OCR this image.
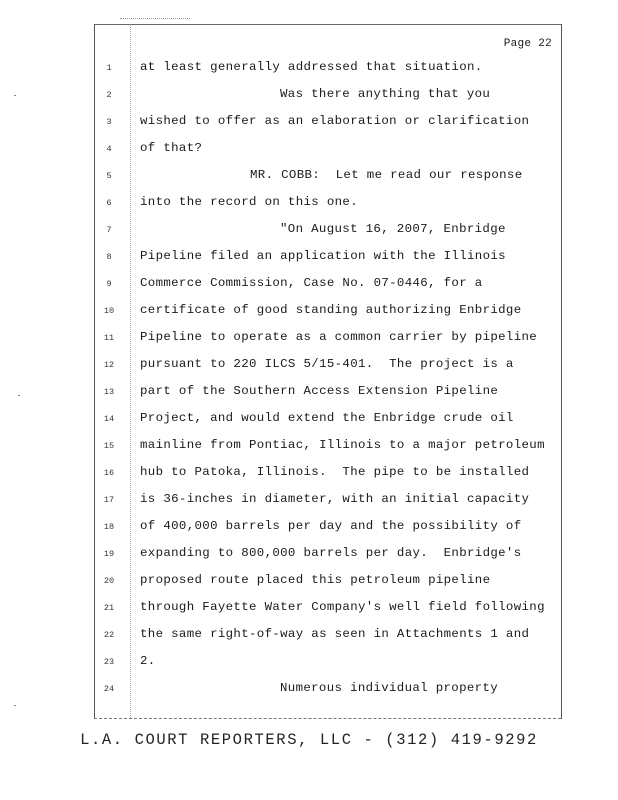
Page 22
1	at least generally addressed that situation.
2	Was there anything that you
3	wished to offer as an elaboration or clarification
4	of that?
5	MR. COBB:  Let me read our response
6	into the record on this one.
7	"On August 16, 2007, Enbridge
8	Pipeline filed an application with the Illinois
9	Commerce Commission, Case No. 07-0446, for a
10	certificate of good standing authorizing Enbridge
11	Pipeline to operate as a common carrier by pipeline
12	pursuant to 220 ILCS 5/15-401.  The project is a
13	part of the Southern Access Extension Pipeline
14	Project, and would extend the Enbridge crude oil
15	mainline from Pontiac, Illinois to a major petroleum
16	hub to Patoka, Illinois.  The pipe to be installed
17	is 36-inches in diameter, with an initial capacity
18	of 400,000 barrels per day and the possibility of
19	expanding to 800,000 barrels per day.  Enbridge's
20	proposed route placed this petroleum pipeline
21	through Fayette Water Company's well field following
22	the same right-of-way as seen in Attachments 1 and
23	2.
24	Numerous individual property
L.A. COURT REPORTERS, LLC - (312) 419-9292
